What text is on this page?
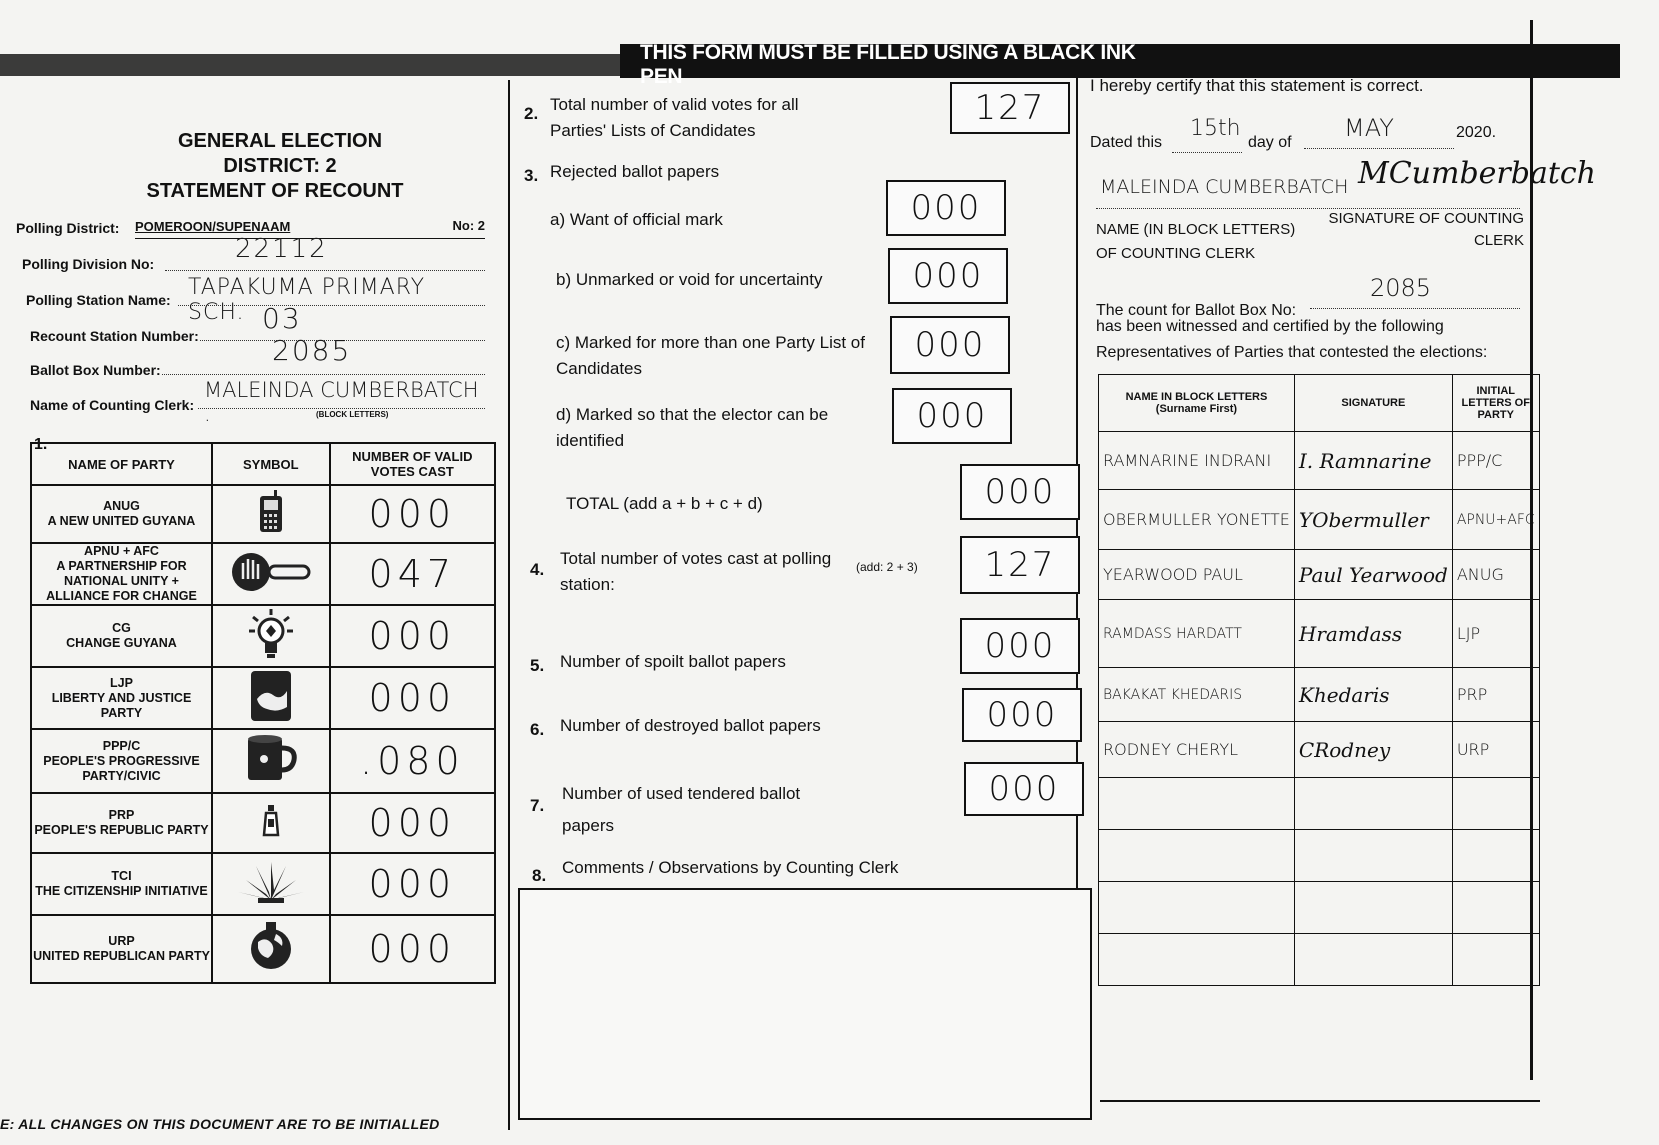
THIS FORM MUST BE FILLED USING A BLACK INK PEN
GENERAL ELECTION
DISTRICT: 2
STATEMENT OF RECOUNT
Polling District: POMEROON/SUPENAAM	No: 2
Polling Division No:	22112
Polling Station Name: TAPAKUMA PRIMARY SCH.
Recount Station Number:
03
Ballot Box Number:
2085
Name of Counting Clerk:
MALEINDA CUMBERBATCH .	(BLOCK LETTERS)
1.
NAME OF PARTY	SYMBOL	NUMBER OF VALID VOTES CAST

ANUG
A NEW UNITED GUYANA		000

APNU + AFC
A PARTNERSHIP FOR NATIONAL UNITY + ALLIANCE FOR CHANGE		047

CG
CHANGE GUYANA		000

LJP
LIBERTY AND JUSTICE PARTY		000

PPP/C
PEOPLE'S PROGRESSIVE PARTY/CIVIC		.080

PRP
PEOPLE'S REPUBLIC PARTY		000

TCI
THE CITIZENSHIP INITIATIVE		000

URP
UNITED REPUBLICAN PARTY		000
E: ALL CHANGES ON THIS DOCUMENT ARE TO BE INITIALLED
2. Total number of valid votes for all Parties' Lists of Candidates
127
3. Rejected ballot papers
a) Want of official mark	000
b) Unmarked or void for uncertainty	000
c) Marked for more than one Party List of Candidates
000
d) Marked so that the elector can be identified
000
TOTAL (add a + b + c + d)	000
4.
Total number of votes cast at polling station:
(add: 2 + 3)	127
5. Number of spoilt ballot papers	000
6. Number of destroyed ballot papers	000
7.
Number of used tendered ballot papers
000
8. Comments / Observations by Counting Clerk
I hereby certify that this statement is correct.
Dated this
15th
day of
MAY	2020.
MALEINDA CUMBERBATCH MCumberbatch
NAME (IN BLOCK LETTERS) OF COUNTING CLERK
SIGNATURE OF COUNTING CLERK
The count for Ballot Box No:
2085
has been witnessed and certified by the following Representatives of Parties that contested the elections:
NAME IN BLOCK LETTERS (Surname First)	SIGNATURE	INITIAL LETTERS OF PARTY
RAMNARINE INDRANI	I. Ramnarine	PPP/C
OBERMULLER YONETTE	YObermuller	APNU+AFC
YEARWOOD PAUL	Paul Yearwood	ANUG
RAMDASS HARDATT	Hramdass	LJP
BAKAKAT KHEDARIS	Khedaris	PRP
RODNEY CHERYL	CRodney	URP
